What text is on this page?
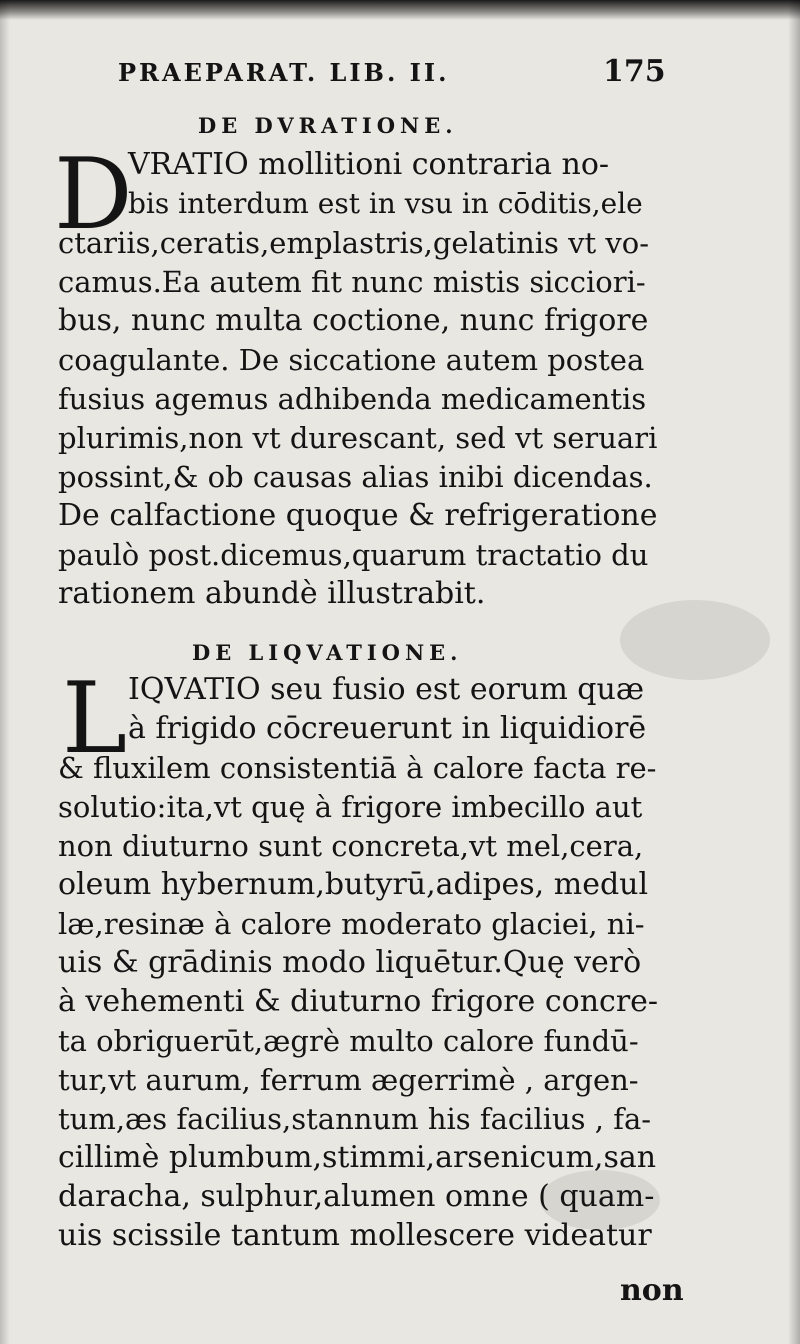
PRAEPARAT. LIB. II.	175
DE DVRATIONE.
D
VRATIO mollitioni contraria no-
bis interdum est in vsu in cōditis,ele
ctariis,ceratis,emplastris,gelatinis vt vo-
camus.Ea autem fit nunc mistis sicciori-
bus, nunc multa coctione, nunc frigore
coagulante. De siccatione autem postea
fusius agemus adhibenda medicamentis
plurimis,non vt durescant, sed vt seruari
possint,& ob causas alias inibi dicendas.
De calfactione quoque & refrigeratione
paulò post.dicemus,quarum tractatio du
rationem abundè illustrabit.
DE LIQVATIONE.
L IQVATIO seu fusio est eorum quæ
à frigido cōcreuerunt in liquidiorē
& fluxilem consistentiā à calore facta re-
solutio:ita,vt quę à frigore imbecillo aut
non diuturno sunt concreta,vt mel,cera,
oleum hybernum,butyrū,adipes, medul
læ,resinæ à calore moderato glaciei, ni-
uis & grādinis modo liquētur.Quę verò
à vehementi & diuturno frigore concre-
ta obriguerūt,ægrè multo calore fundū-
tur,vt aurum, ferrum ægerrimè , argen-
tum,æs facilius,stannum his facilius , fa-
cillimè plumbum,stimmi,arsenicum,san
daracha, sulphur,alumen omne ( quam-
uis scissile tantum mollescere videatur
non
